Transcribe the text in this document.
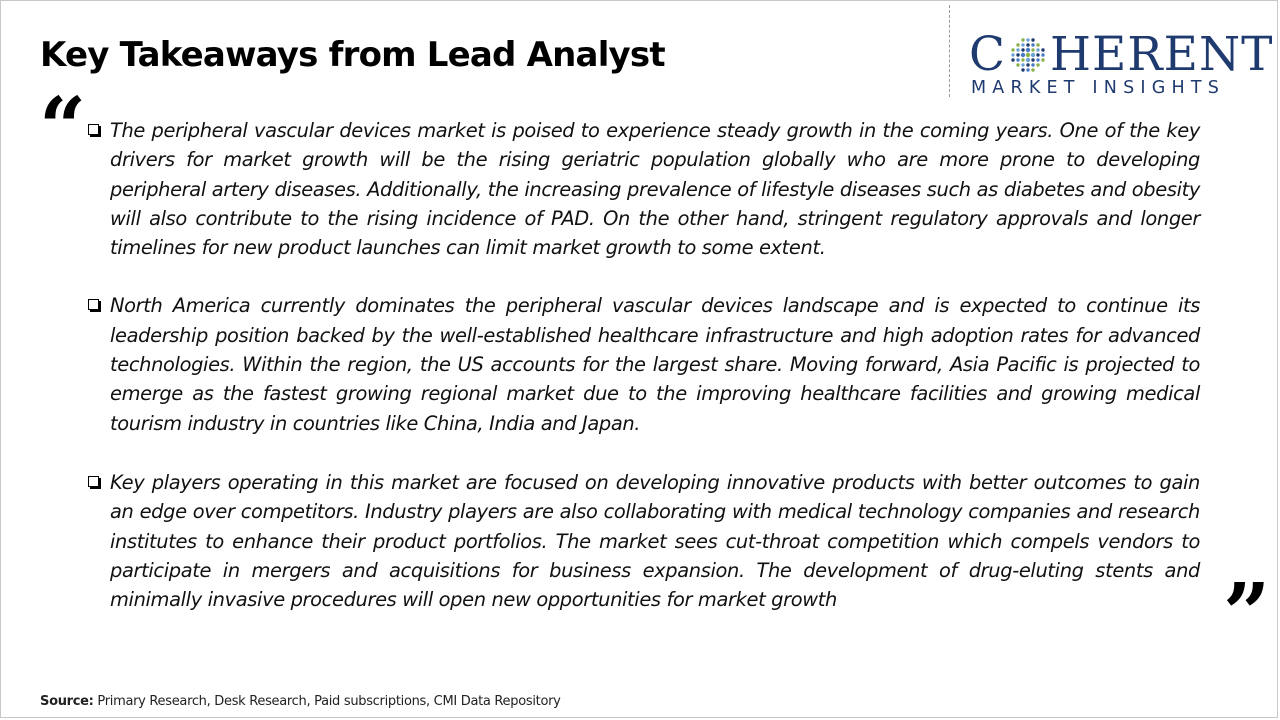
Key Takeaways from Lead Analyst	C HERENT
MARKET INSIGHTS
“ The peripheral vascular devices market is poised to experience steady growth in the coming years. One of the key drivers for market growth will be the rising geriatric population globally who are more prone to developing peripheral artery diseases. Additionally, the increasing prevalence of lifestyle diseases such as diabetes and obesity will also contribute to the rising incidence of PAD. On the other hand, stringent regulatory approvals and longer timelines for new product launches can limit market growth to some extent.
North America currently dominates the peripheral vascular devices landscape and is expected to continue its leadership position backed by the well-established healthcare infrastructure and high adoption rates for advanced technologies. Within the region, the US accounts for the largest share. Moving forward, Asia Pacific is projected to emerge as the fastest growing regional market due to the improving healthcare facilities and growing medical tourism industry in countries like China, India and Japan.
Key players operating in this market are focused on developing innovative products with better outcomes to gain an edge over competitors. Industry players are also collaborating with medical technology companies and research institutes to enhance their product portfolios. The market sees cut-throat competition which compels vendors to participate in mergers and acquisitions for business expansion. The development of drug-eluting stents and minimally invasive procedures will open new opportunities for market growth	”
Source: Primary Research, Desk Research, Paid subscriptions, CMI Data Repository
